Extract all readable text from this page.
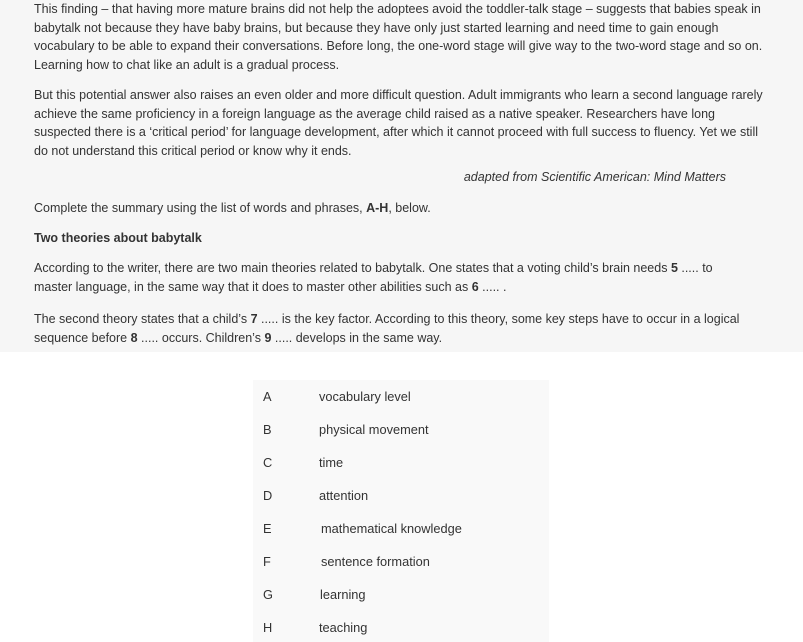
This finding – that having more mature brains did not help the adoptees avoid the toddler-talk stage – suggests that babies speak in babytalk not because they have baby brains, but because they have only just started learning and need time to gain enough vocabulary to be able to expand their conversations. Before long, the one-word stage will give way to the two-word stage and so on. Learning how to chat like an adult is a gradual process.

But this potential answer also raises an even older and more difficult question. Adult immigrants who learn a second language rarely achieve the same proficiency in a foreign language as the average child raised as a native speaker. Researchers have long suspected there is a ‘critical period’ for language development, after which it cannot proceed with full success to fluency. Yet we still do not understand this critical period or know why it ends.

adapted from Scientific American: Mind Matters

Complete the summary using the list of words and phrases, A-H, below.

Two theories about babytalk

According to the writer, there are two main theories related to babytalk. One states that a voting child’s brain needs 5 ..... to master language, in the same way that it does to master other abilities such as 6 ..... .

The second theory states that a child’s 7 ..... is the key factor. According to this theory, some key steps have to occur in a logical sequence before 8 ..... occurs. Children’s 9 ..... develops in the same way.

A	vocabulary level
B	physical movement
C	time
D	attention
E	mathematical knowledge
F	sentence formation
G	learning
H	teaching
